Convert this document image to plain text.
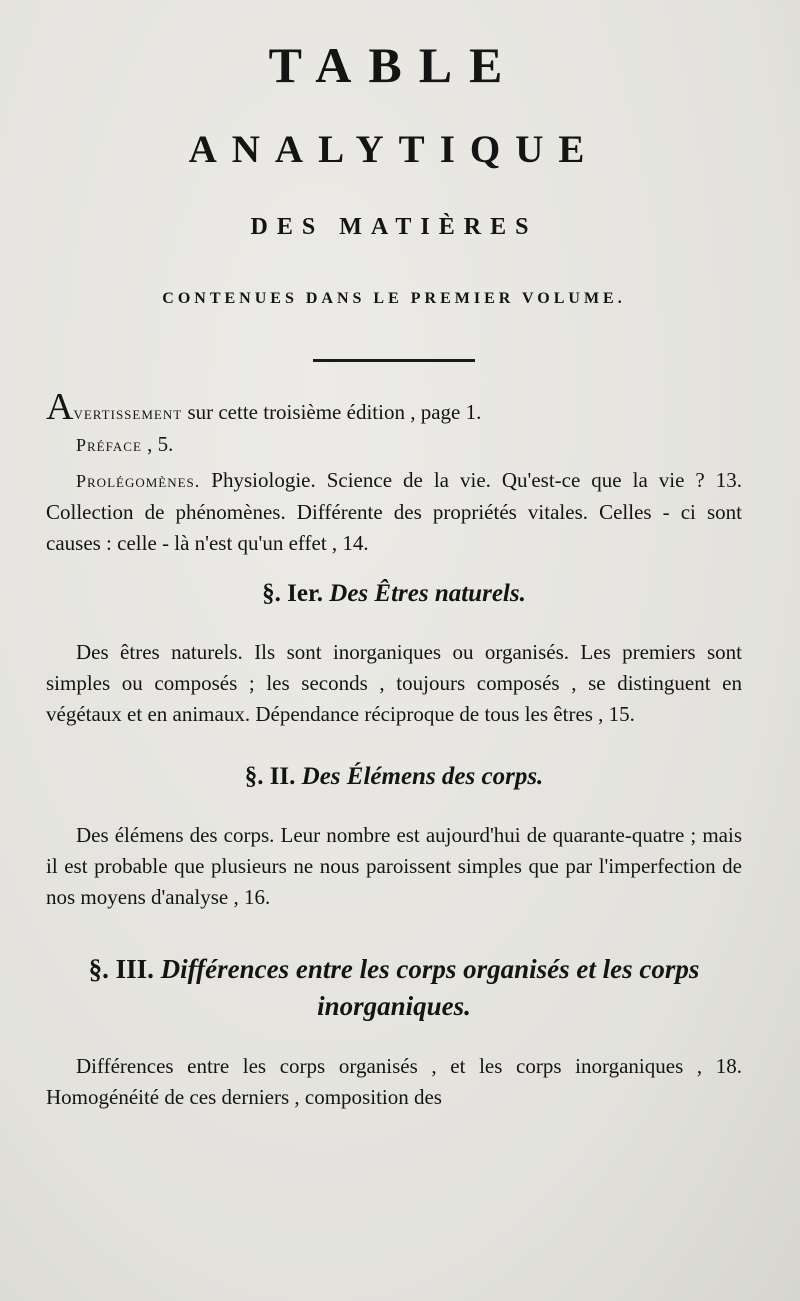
TABLE
ANALYTIQUE
DES MATIÈRES
CONTENUES DANS LE PREMIER VOLUME.

Avertissement sur cette troisième édition , page 1.

Préface , 5.

Prolégomènes. Physiologie. Science de la vie. Qu'est-ce que la vie ? 13. Collection de phénomènes. Différente des propriétés vitales. Celles - ci sont causes : celle - là n'est qu'un effet , 14.

§. Ier. Des Êtres naturels.

Des êtres naturels. Ils sont inorganiques ou organisés. Les premiers sont simples ou composés ; les seconds , toujours composés , se distinguent en végétaux et en animaux. Dépendance réciproque de tous les êtres , 15.

§. II. Des Élémens des corps.

Des élémens des corps. Leur nombre est aujourd'hui de quarante-quatre ; mais il est probable que plusieurs ne nous paroissent simples que par l'imperfection de nos moyens d'analyse , 16.

§. III. Différences entre les corps organisés et les corps inorganiques.

Différences entre les corps organisés , et les corps inorganiques , 18. Homogénéité de ces derniers , composition des
